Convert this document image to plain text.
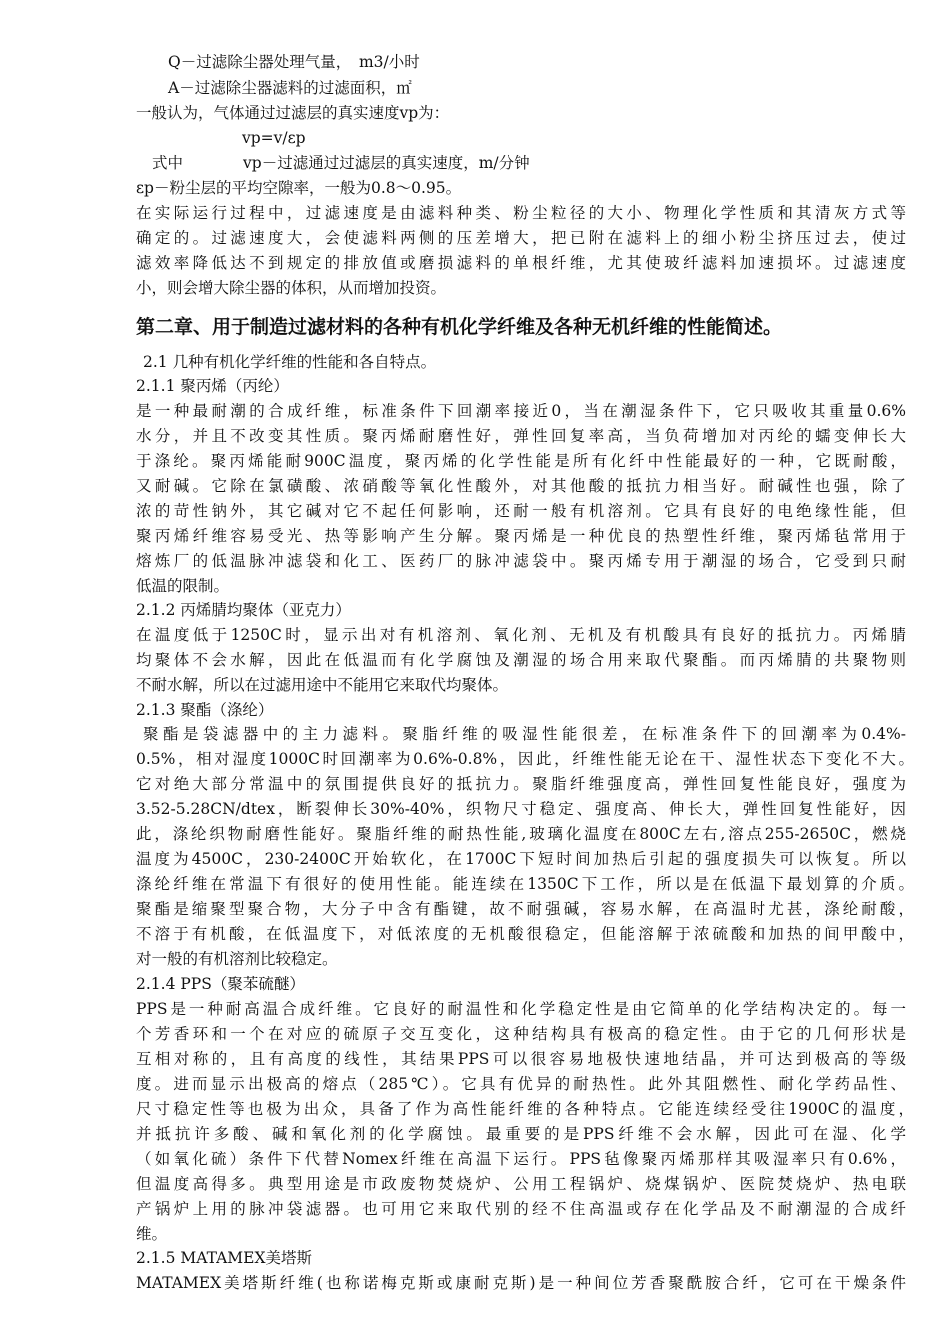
Q－过滤除尘器处理气量，　m3/小时
A－过滤除尘器滤料的过滤面积，㎡
一般认为，气体通过过滤层的真实速度vp为：
vp=v/εp
式中	vp－过滤通过过滤层的真实速度，m/分钟
εp－粉尘层的平均空隙率，一般为0.8～0.95。
在实际运行过程中，过滤速度是由滤料种类、粉尘粒径的大小、物理化学性质和其清灰方式等
确定的。过滤速度大，会使滤料两侧的压差增大，把已附在滤料上的细小粉尘挤压过去，使过
滤效率降低达不到规定的排放值或磨损滤料的单根纤维，尤其使玻纤滤料加速损坏。过滤速度
小，则会增大除尘器的体积，从而增加投资。
第二章、用于制造过滤材料的各种有机化学纤维及各种无机纤维的性能简述。
2.1 几种有机化学纤维的性能和各自特点。
2.1.1 聚丙烯（丙纶）
是一种最耐潮的合成纤维，标准条件下回潮率接近0，当在潮湿条件下，它只吸收其重量0.6%
水分，并且不改变其性质。聚丙烯耐磨性好，弹性回复率高，当负荷增加对丙纶的蠕变伸长大
于涤纶。聚丙烯能耐900C温度，聚丙烯的化学性能是所有化纤中性能最好的一种，它既耐酸，
又耐碱。它除在氯磺酸、浓硝酸等氧化性酸外，对其他酸的抵抗力相当好。耐碱性也强，除了
浓的苛性钠外，其它碱对它不起任何影响，还耐一般有机溶剂。它具有良好的电绝缘性能，但
聚丙烯纤维容易受光、热等影响产生分解。聚丙烯是一种优良的热塑性纤维，聚丙烯毡常用于
熔炼厂的低温脉冲滤袋和化工、医药厂的脉冲滤袋中。聚丙烯专用于潮湿的场合，它受到只耐
低温的限制。
2.1.2 丙烯腈均聚体（亚克力）
在温度低于1250C时，显示出对有机溶剂、氧化剂、无机及有机酸具有良好的抵抗力。丙烯腈
均聚体不会水解，因此在低温而有化学腐蚀及潮湿的场合用来取代聚酯。而丙烯腈的共聚物则
不耐水解，所以在过滤用途中不能用它来取代均聚体。
2.1.3 聚酯（涤纶）
聚酯是袋滤器中的主力滤料。聚脂纤维的吸湿性能很差，在标准条件下的回潮率为0.4%-
0.5%，相对湿度1000C时回潮率为0.6%-0.8%，因此，纤维性能无论在干、湿性状态下变化不大。
它对绝大部分常温中的氛围提供良好的抵抗力。聚脂纤维强度高，弹性回复性能良好，强度为
3.52-5.28CN/dtex，断裂伸长30%-40%，织物尺寸稳定、强度高、伸长大，弹性回复性能好，因
此，涤纶织物耐磨性能好。聚脂纤维的耐热性能,玻璃化温度在800C左右,溶点255-2650C，燃烧
温度为4500C，230-2400C开始软化，在1700C下短时间加热后引起的强度损失可以恢复。所以
涤纶纤维在常温下有很好的使用性能。能连续在1350C下工作，所以是在低温下最划算的介质。
聚酯是缩聚型聚合物，大分子中含有酯键，故不耐强碱，容易水解，在高温时尤甚，涤纶耐酸，
不溶于有机酸，在低温度下，对低浓度的无机酸很稳定，但能溶解于浓硫酸和加热的间甲酸中，
对一般的有机溶剂比较稳定。
2.1.4 PPS（聚苯硫醚）
PPS是一种耐高温合成纤维。它良好的耐温性和化学稳定性是由它简单的化学结构决定的。每一
个芳香环和一个在对应的硫原子交互变化，这种结构具有极高的稳定性。由于它的几何形状是
互相对称的，且有高度的线性，其结果PPS可以很容易地极快速地结晶，并可达到极高的等级
度。进而显示出极高的熔点（285℃）。它具有优异的耐热性。此外其阻燃性、耐化学药品性、
尺寸稳定性等也极为出众，具备了作为高性能纤维的各种特点。它能连续经受往1900C的温度，
并抵抗许多酸、碱和氧化剂的化学腐蚀。最重要的是PPS纤维不会水解，因此可在湿、化学
（如氧化硫）条件下代替Nomex纤维在高温下运行。PPS毡像聚丙烯那样其吸湿率只有0.6%，
但温度高得多。典型用途是市政废物焚烧炉、公用工程锅炉、烧煤锅炉、医院焚烧炉、热电联
产锅炉上用的脉冲袋滤器。也可用它来取代别的经不住高温或存在化学品及不耐潮湿的合成纤
维。
2.1.5 MATAMEX美塔斯
MATAMEX美塔斯纤维(也称诺梅克斯或康耐克斯)是一种间位芳香聚酰胺合纤，它可在干燥条件
